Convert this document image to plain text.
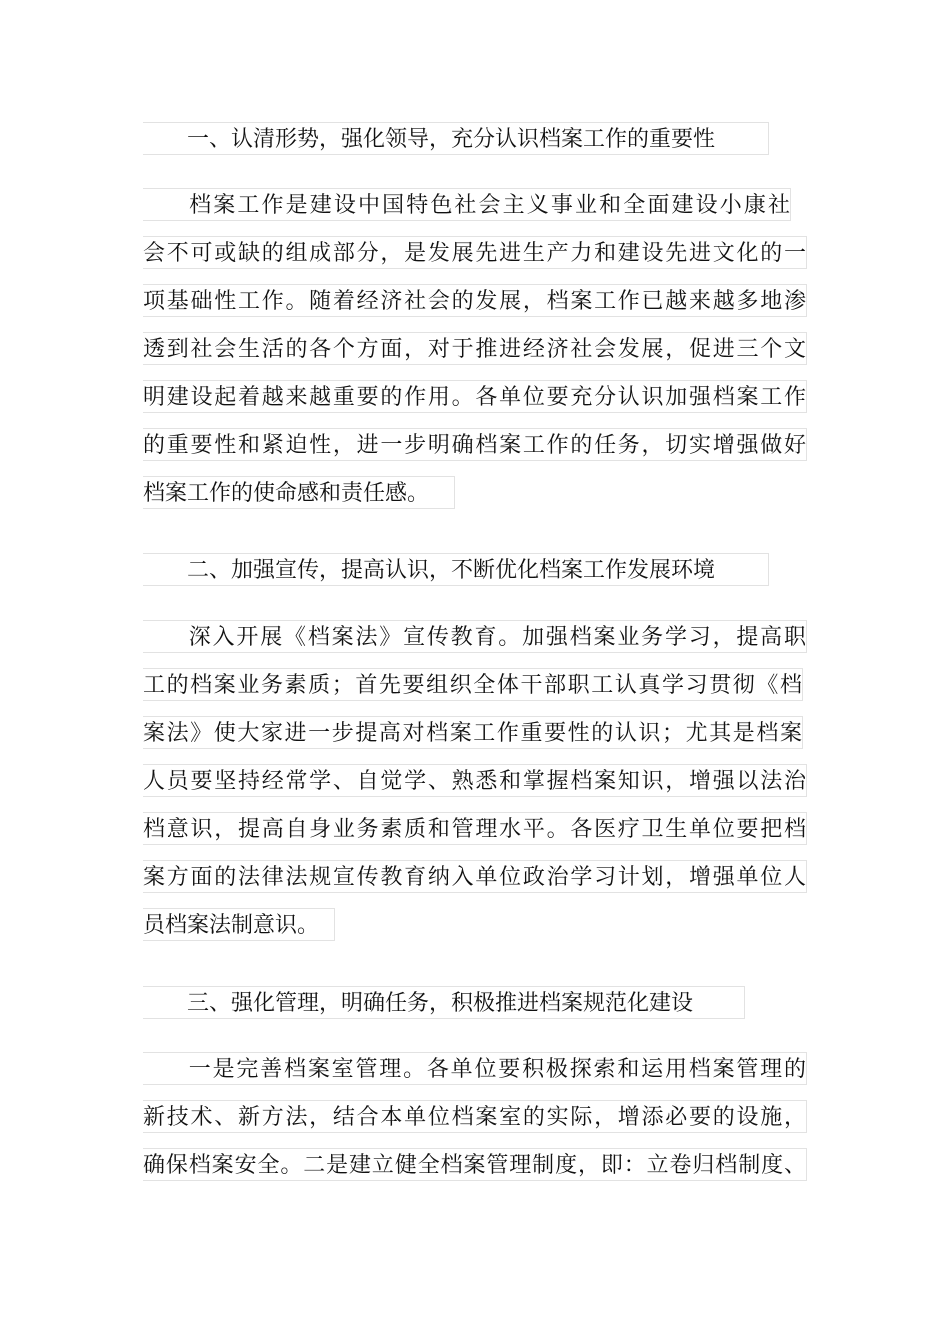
一、认清形势，强化领导，充分认识档案工作的重要性
档案工作是建设中国特色社会主义事业和全面建设小康社
会不可或缺的组成部分，是发展先进生产力和建设先进文化的一
项基础性工作。随着经济社会的发展，档案工作已越来越多地渗
透到社会生活的各个方面，对于推进经济社会发展，促进三个文
明建设起着越来越重要的作用。各单位要充分认识加强档案工作
的重要性和紧迫性，进一步明确档案工作的任务，切实增强做好
档案工作的使命感和责任感。
二、加强宣传，提高认识，不断优化档案工作发展环境
深入开展《档案法》宣传教育。加强档案业务学习，提高职
工的档案业务素质；首先要组织全体干部职工认真学习贯彻《档
案法》使大家进一步提高对档案工作重要性的认识；尤其是档案
人员要坚持经常学、自觉学、熟悉和掌握档案知识，增强以法治
档意识，提高自身业务素质和管理水平。各医疗卫生单位要把档
案方面的法律法规宣传教育纳入单位政治学习计划，增强单位人
员档案法制意识。
三、强化管理，明确任务，积极推进档案规范化建设
一是完善档案室管理。各单位要积极探索和运用档案管理的
新技术、新方法，结合本单位档案室的实际，增添必要的设施，
确保档案安全。二是建立健全档案管理制度，即：立卷归档制度、
